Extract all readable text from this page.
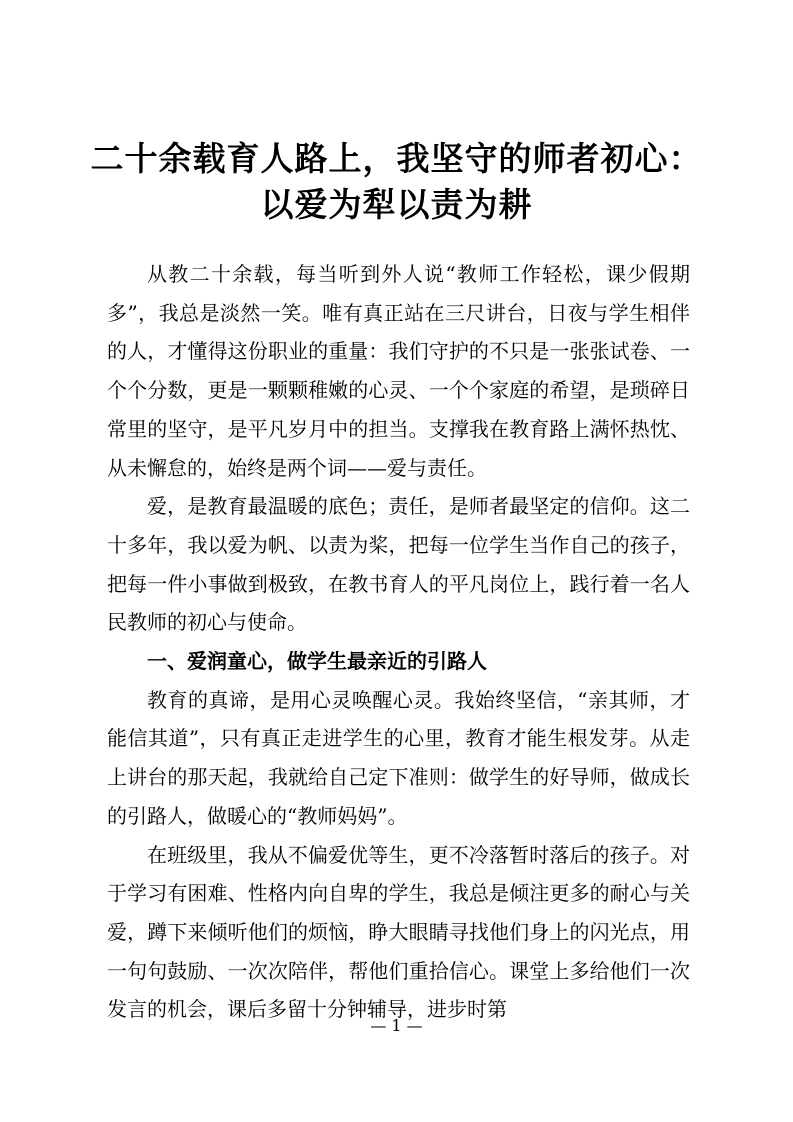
二十余载育人路上，我坚守的师者初心：
以爱为犁以责为耕

从教二十余载，每当听到外人说“教师工作轻松，课少假期多”，我总是淡然一笑。唯有真正站在三尺讲台，日夜与学生相伴的人，才懂得这份职业的重量：我们守护的不只是一张张试卷、一个个分数，更是一颗颗稚嫩的心灵、一个个家庭的希望，是琐碎日常里的坚守，是平凡岁月中的担当。支撑我在教育路上满怀热忱、从未懈怠的，始终是两个词——爱与责任。

爱，是教育最温暖的底色；责任，是师者最坚定的信仰。这二十多年，我以爱为帆、以责为桨，把每一位学生当作自己的孩子，把每一件小事做到极致，在教书育人的平凡岗位上，践行着一名人民教师的初心与使命。

一、爱润童心，做学生最亲近的引路人

教育的真谛，是用心灵唤醒心灵。我始终坚信，“亲其师，才能信其道”，只有真正走进学生的心里，教育才能生根发芽。从走上讲台的那天起，我就给自己定下准则：做学生的好导师，做成长的引路人，做暖心的“教师妈妈”。

在班级里，我从不偏爱优等生，更不冷落暂时落后的孩子。对于学习有困难、性格内向自卑的学生，我总是倾注更多的耐心与关爱，蹲下来倾听他们的烦恼，睁大眼睛寻找他们身上的闪光点，用一句句鼓励、一次次陪伴，帮他们重拾信心。课堂上多给他们一次发言的机会，课后多留十分钟辅导，进步时第

— 1 —
